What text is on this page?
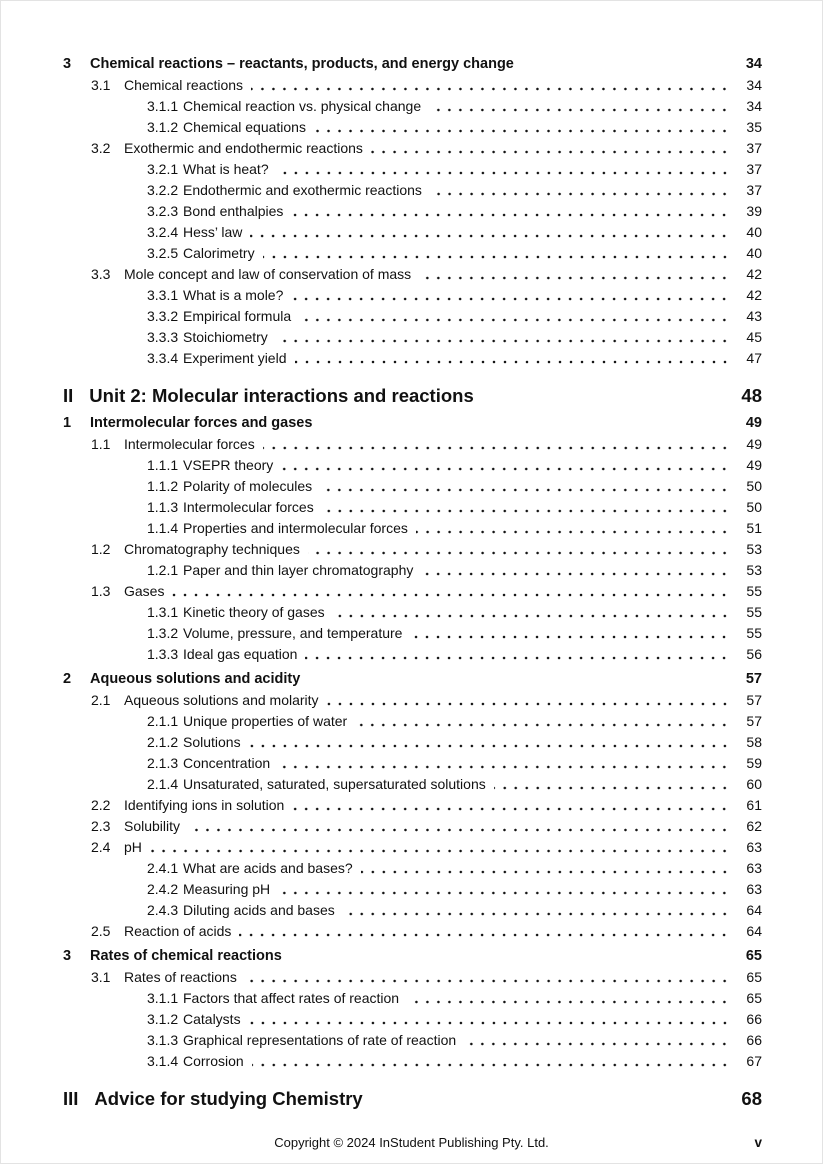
3	Chemical reactions – reactants, products, and energy change	34
3.1 Chemical reactions	34
3.1.1 Chemical reaction vs. physical change	34
3.1.2 Chemical equations	35
3.2 Exothermic and endothermic reactions	37
3.2.1 What is heat?	37
3.2.2 Endothermic and exothermic reactions	37
3.2.3 Bond enthalpies	39
3.2.4 Hess’ law	40
3.2.5 Calorimetry	40
3.3 Mole concept and law of conservation of mass	42
3.3.1 What is a mole?	42
3.3.2 Empirical formula	43
3.3.3 Stoichiometry	45
3.3.4 Experiment yield	47
II Unit 2: Molecular interactions and reactions	48
1	Intermolecular forces and gases	49
1.1 Intermolecular forces	49
1.1.1 VSEPR theory	49
1.1.2 Polarity of molecules	50
1.1.3 Intermolecular forces	50
1.1.4 Properties and intermolecular forces	51
1.2 Chromatography techniques	53
1.2.1 Paper and thin layer chromatography	53
1.3 Gases	55
1.3.1 Kinetic theory of gases	55
1.3.2 Volume, pressure, and temperature	55
1.3.3 Ideal gas equation	56
2	Aqueous solutions and acidity	57
2.1 Aqueous solutions and molarity	57
2.1.1 Unique properties of water	57
2.1.2 Solutions	58
2.1.3 Concentration	59
2.1.4 Unsaturated, saturated, supersaturated solutions	60
2.2 Identifying ions in solution	61
2.3 Solubility	62
2.4 pH	63
2.4.1 What are acids and bases?	63
2.4.2 Measuring pH	63
2.4.3 Diluting acids and bases	64
2.5 Reaction of acids	64
3	Rates of chemical reactions	65
3.1 Rates of reactions	65
3.1.1 Factors that affect rates of reaction	65
3.1.2 Catalysts	66
3.1.3 Graphical representations of rate of reaction	66
3.1.4 Corrosion	67
III Advice for studying Chemistry	68
Copyright © 2024 InStudent Publishing Pty. Ltd.	v
